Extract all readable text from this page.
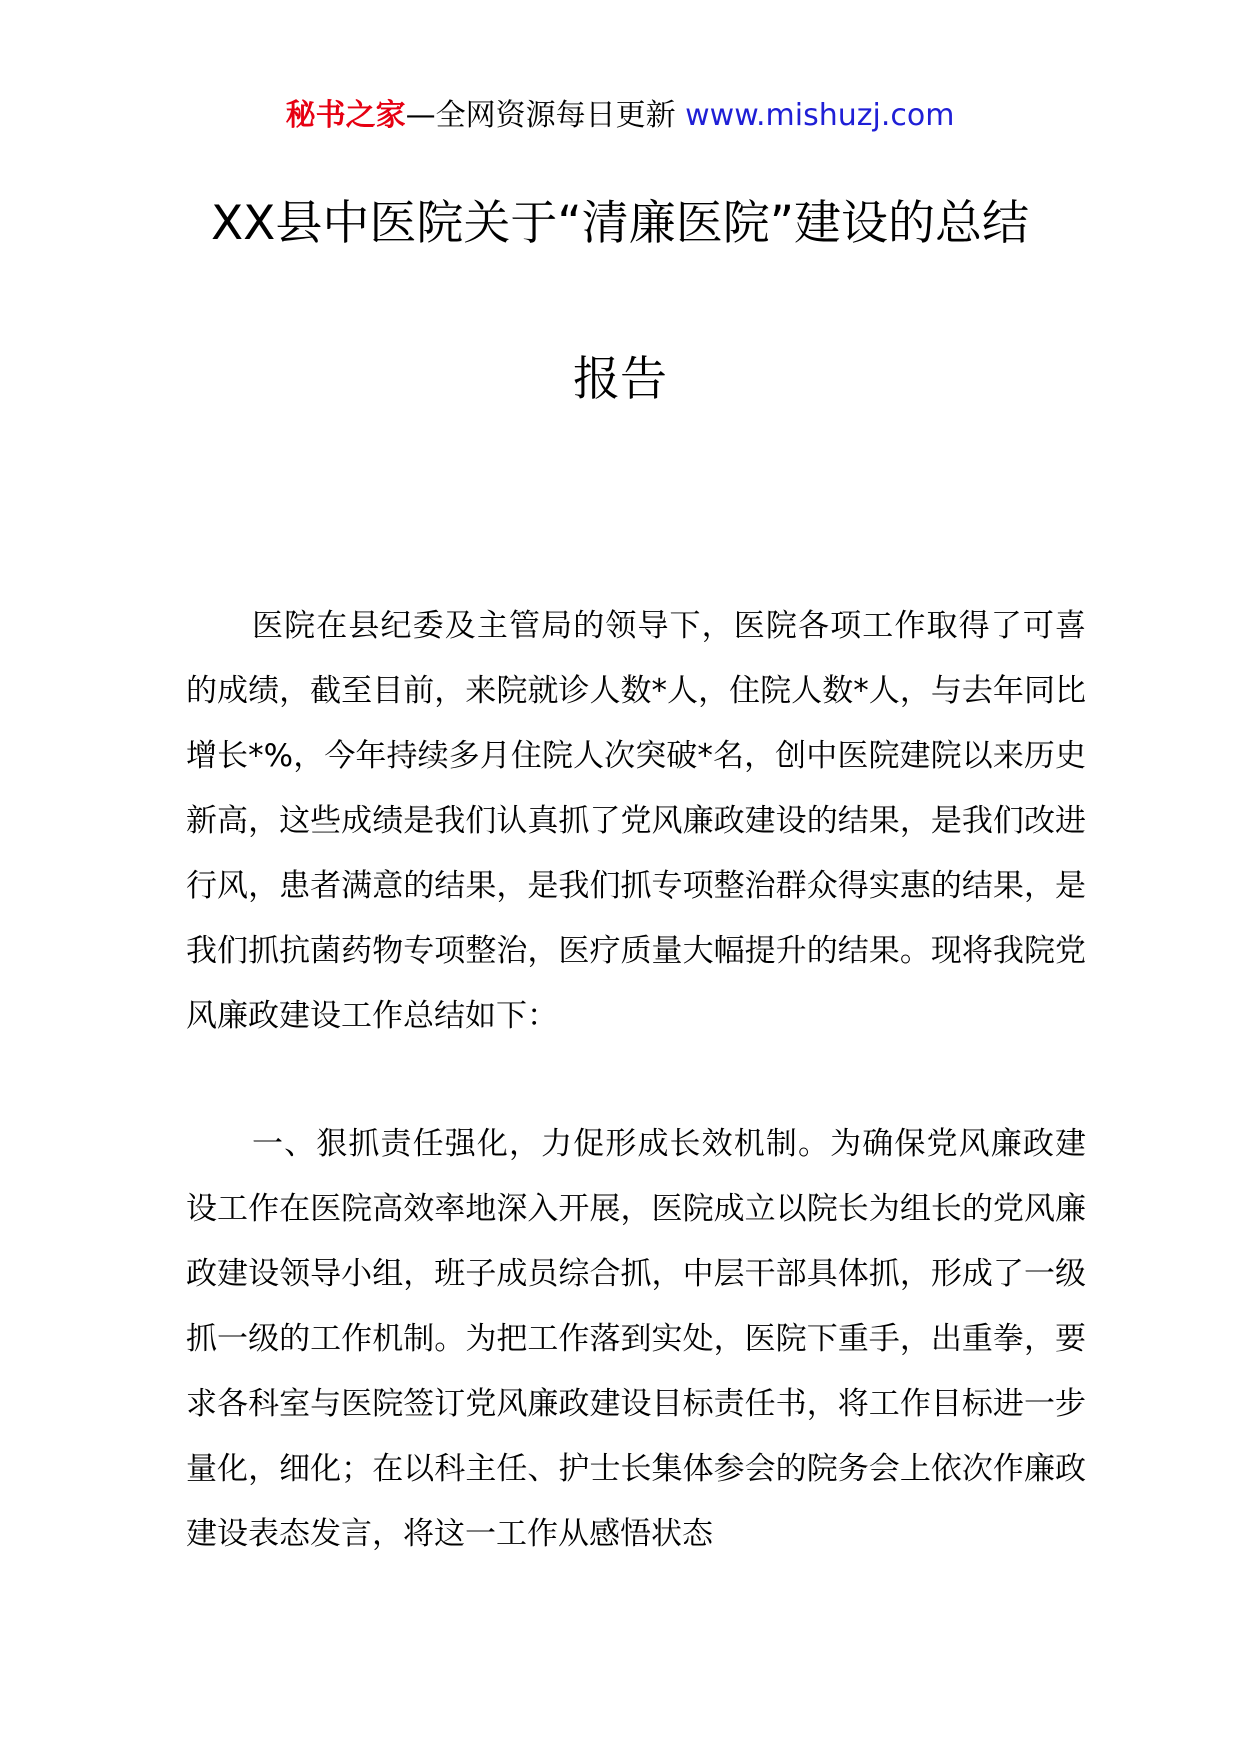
秘书之家—全网资源每日更新 www.mishuzj.com
XX县中医院关于“清廉医院”建设的总结
报告

医院在县纪委及主管局的领导下，医院各项工作取得了可喜的成绩，截至目前，来院就诊人数*人，住院人数*人，与去年同比增长*%，今年持续多月住院人次突破*名，创中医院建院以来历史新高，这些成绩是我们认真抓了党风廉政建设的结果，是我们改进行风，患者满意的结果，是我们抓专项整治群众得实惠的结果，是我们抓抗菌药物专项整治，医疗质量大幅提升的结果。现将我院党风廉政建设工作总结如下：

一、狠抓责任强化，力促形成长效机制。为确保党风廉政建设工作在医院高效率地深入开展，医院成立以院长为组长的党风廉政建设领导小组，班子成员综合抓，中层干部具体抓，形成了一级抓一级的工作机制。为把工作落到实处，医院下重手，出重拳，要求各科室与医院签订党风廉政建设目标责任书，将工作目标进一步量化，细化；在以科主任、护士长集体参会的院务会上依次作廉政建设表态发言，将这一工作从感悟状态
